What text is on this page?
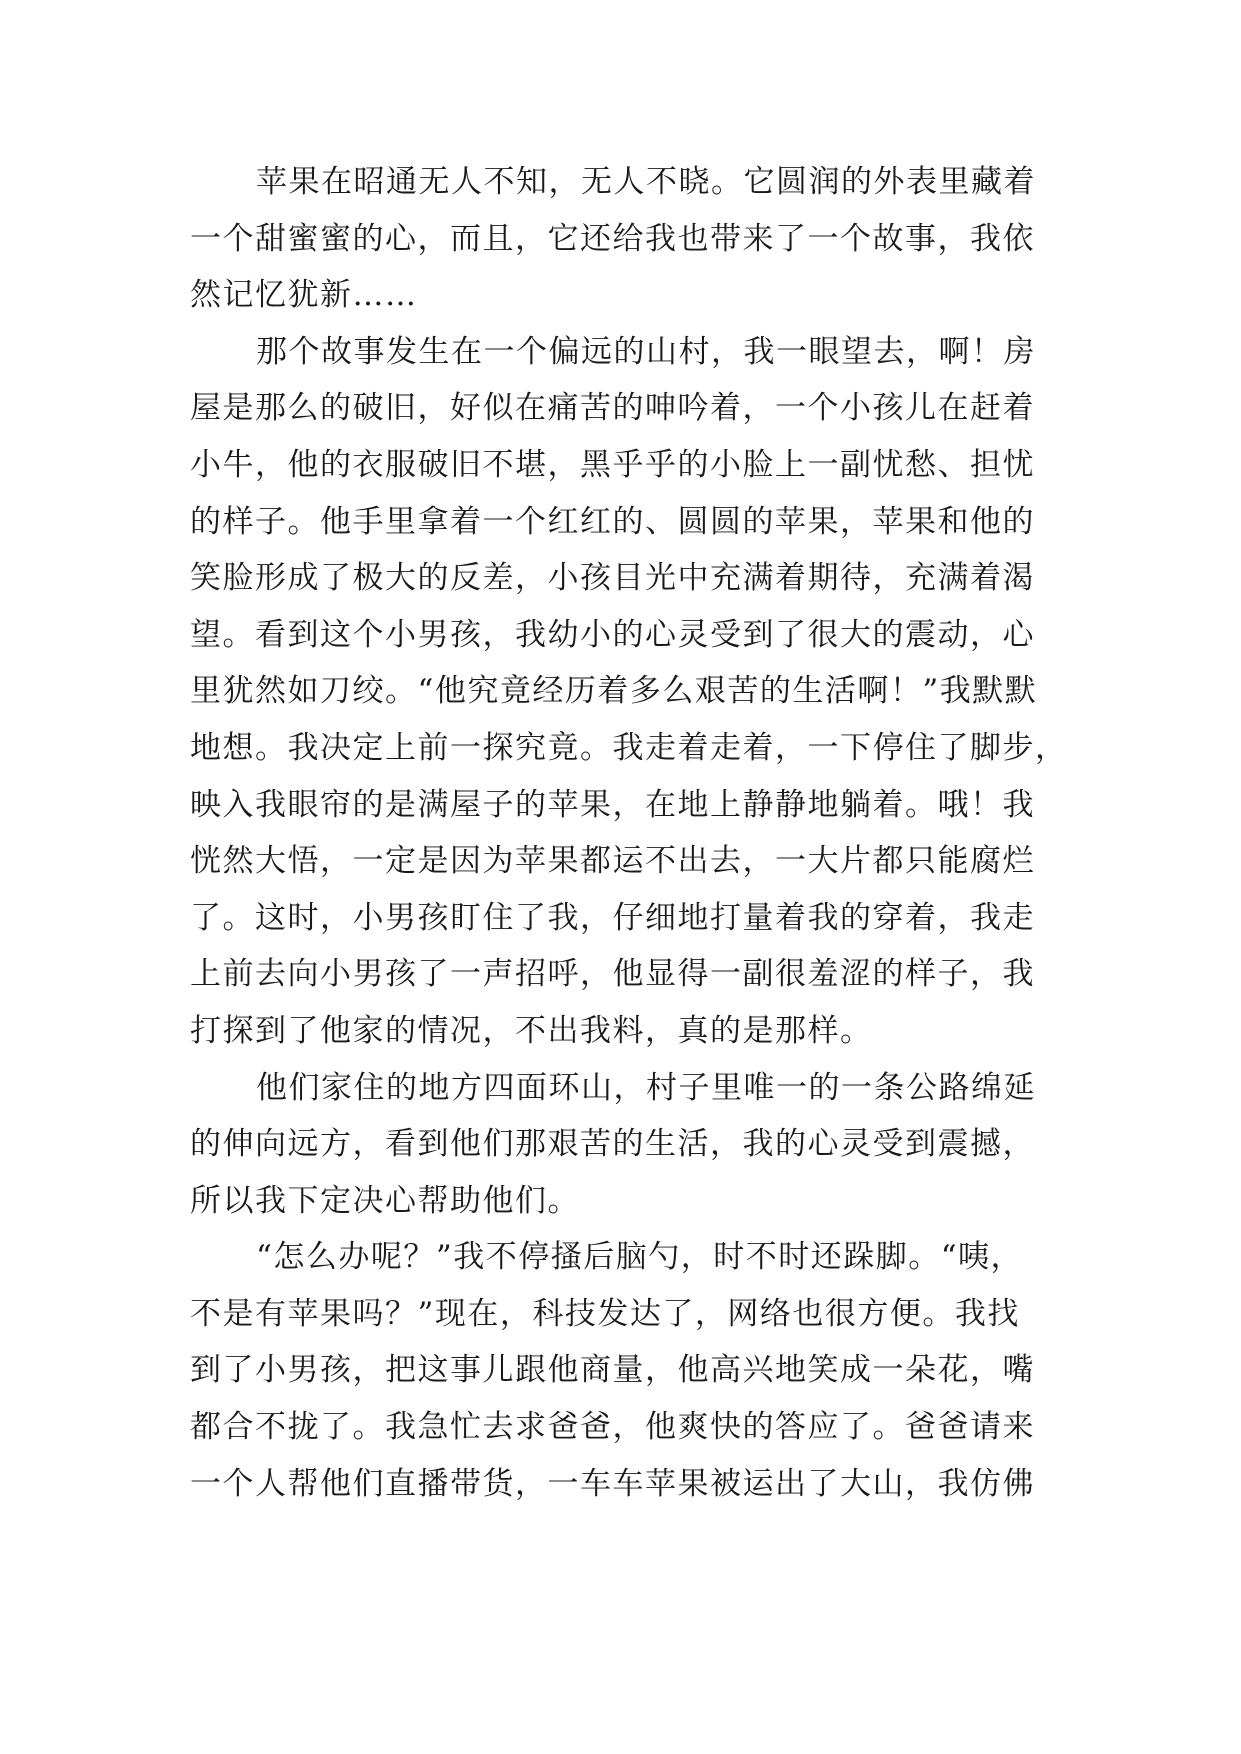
苹果在昭通无人不知，无人不晓。它圆润的外表里藏着
一个甜蜜蜜的心，而且，它还给我也带来了一个故事，我依
然记忆犹新……
那个故事发生在一个偏远的山村，我一眼望去，啊！房
屋是那么的破旧，好似在痛苦的呻吟着，一个小孩儿在赶着
小牛，他的衣服破旧不堪，黑乎乎的小脸上一副忧愁、担忧
的样子。他手里拿着一个红红的、圆圆的苹果，苹果和他的
笑脸形成了极大的反差，小孩目光中充满着期待，充满着渴
望。看到这个小男孩，我幼小的心灵受到了很大的震动，心
里犹然如刀绞。“他究竟经历着多么艰苦的生活啊！”我默默
地想。我决定上前一探究竟。我走着走着，一下停住了脚步，
映入我眼帘的是满屋子的苹果，在地上静静地躺着。哦！我
恍然大悟，一定是因为苹果都运不出去，一大片都只能腐烂
了。这时，小男孩盯住了我，仔细地打量着我的穿着，我走
上前去向小男孩了一声招呼，他显得一副很羞涩的样子，我
打探到了他家的情况，不出我料，真的是那样。
他们家住的地方四面环山，村子里唯一的一条公路绵延
的伸向远方，看到他们那艰苦的生活，我的心灵受到震撼，
所以我下定决心帮助他们。
“怎么办呢？”我不停搔后脑勺，时不时还跺脚。“咦，
不是有苹果吗？”现在，科技发达了，网络也很方便。我找
到了小男孩，把这事儿跟他商量，他高兴地笑成一朵花，嘴
都合不拢了。我急忙去求爸爸，他爽快的答应了。爸爸请来
一个人帮他们直播带货，一车车苹果被运出了大山，我仿佛
